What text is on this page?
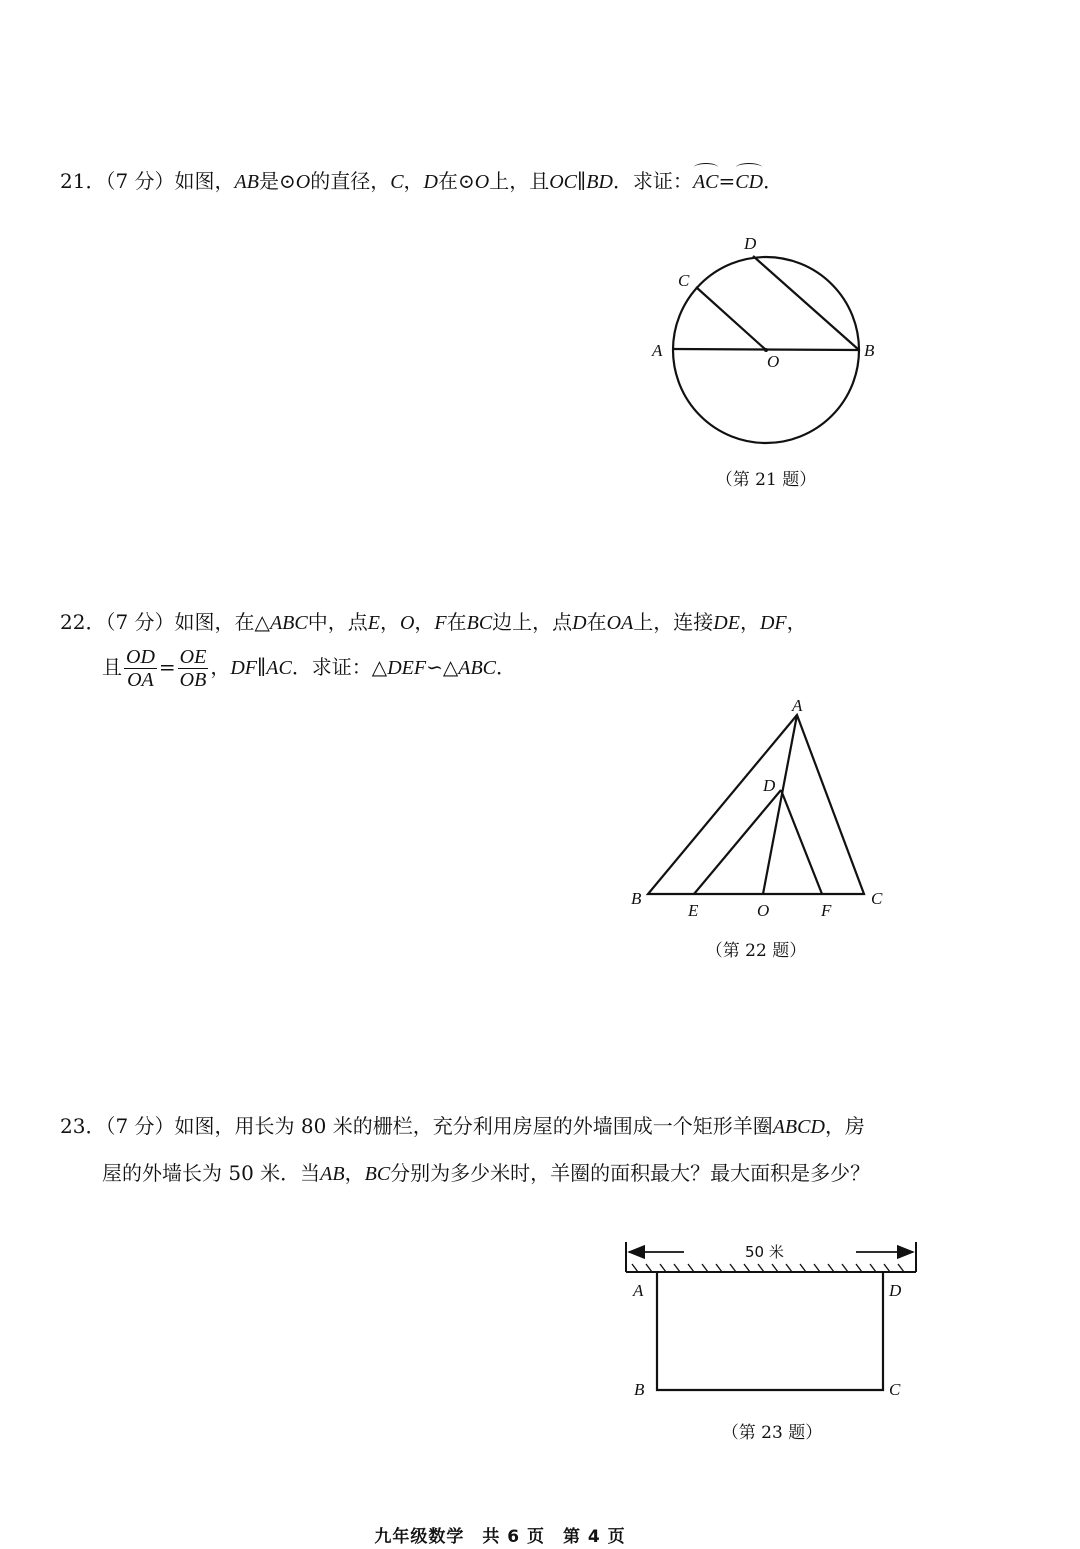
21．（7 分）如图，AB是⊙O的直径，C，D在⊙O上，且OC∥BD．求证：AC=CD．
A	B
C
D
O
（第 21 题）
22．（7 分）如图，在△ABC中，点E，O，F在BC边上，点D在OA上，连接DE，DF，
且 $\frac{OD}{OA} = \frac{OE}{OB}$ ，DF∥AC．求证：△DEF∽△ABC．
A
D
B
E	O	F
C
（第 22 题）
23．（7 分）如图，用长为 80 米的栅栏，充分利用房屋的外墙围成一个矩形羊圈ABCD，房
屋的外墙长为 50 米．当AB，BC分别为多少米时，羊圈的面积最大？最大面积是多少？
50 米
A	D
B	C
（第 23 题）
九年级数学　共 6 页　第 4 页
